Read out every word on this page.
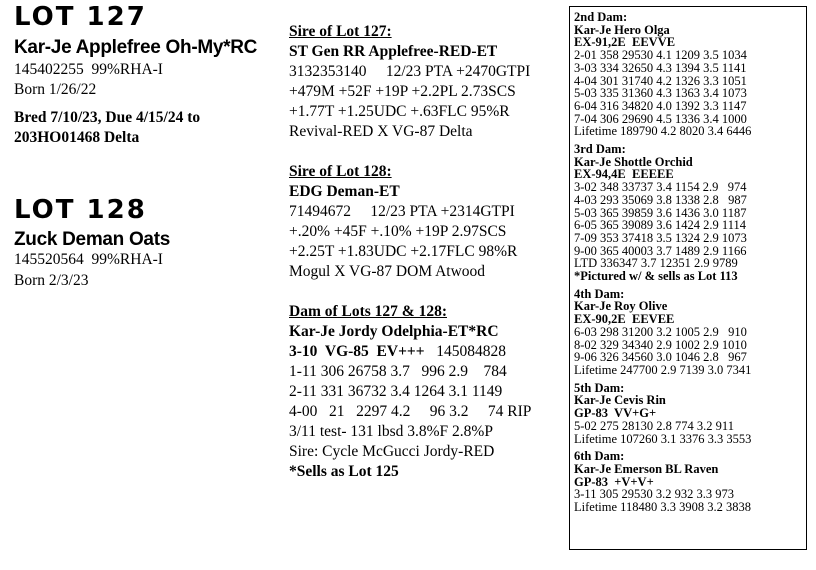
LOT 127
Kar-Je Applefree Oh-My*RC
145402255  99%RHA-I
Born 1/26/22
Bred 7/10/23, Due 4/15/24 to
203HO01468 Delta
LOT 128
Zuck Deman Oats
145520564  99%RHA-I
Born 2/3/23
Sire of Lot 127:
ST Gen RR Applefree-RED-ET
3132353140     12/23 PTA +2470GTPI
+479M +52F +19P +2.2PL 2.73SCS
+1.77T +1.25UDC +.63FLC 95%R
Revival-RED X VG-87 Delta
Sire of Lot 128:
EDG Deman-ET
71494672     12/23 PTA +2314GTPI
+.20% +45F +.10% +19P 2.97SCS
+2.25T +1.83UDC +2.17FLC 98%R
Mogul X VG-87 DOM Atwood
Dam of Lots 127 & 128:
Kar-Je Jordy Odelphia-ET*RC
3-10  VG-85  EV+++   145084828
1-11 306 26758 3.7   996 2.9    784
2-11 331 36732 3.4 1264 3.1 1149
4-00   21   2297 4.2     96 3.2     74 RIP
3/11 test- 131 lbsd 3.8%F 2.8%P
Sire: Cycle McGucci Jordy-RED
*Sells as Lot 125
2nd Dam:
Kar-Je Hero Olga
EX-91,2E  EEVVE
2-01 358 29530 4.1 1209 3.5 1034
3-03 334 32650 4.3 1394 3.5 1141
4-04 301 31740 4.2 1326 3.3 1051
5-03 335 31360 4.3 1363 3.4 1073
6-04 316 34820 4.0 1392 3.3 1147
7-04 306 29690 4.5 1336 3.4 1000
Lifetime 189790 4.2 8020 3.4 6446
3rd Dam:
Kar-Je Shottle Orchid
EX-94,4E  EEEEE
3-02 348 33737 3.4 1154 2.9   974
4-03 293 35069 3.8 1338 2.8   987
5-03 365 39859 3.6 1436 3.0 1187
6-05 365 39089 3.6 1424 2.9 1114
7-09 353 37418 3.5 1324 2.9 1073
9-00 365 40003 3.7 1489 2.9 1166
LTD 336347 3.7 12351 2.9 9789
*Pictured w/ & sells as Lot 113
4th Dam:
Kar-Je Roy Olive
EX-90,2E  EEVEE
6-03 298 31200 3.2 1005 2.9   910
8-02 329 34340 2.9 1002 2.9 1010
9-06 326 34560 3.0 1046 2.8   967
Lifetime 247700 2.9 7139 3.0 7341
5th Dam:
Kar-Je Cevis Rin
GP-83  VV+G+
5-02 275 28130 2.8 774 3.2 911
Lifetime 107260 3.1 3376 3.3 3553
6th Dam:
Kar-Je Emerson BL Raven
GP-83  +V+V+
3-11 305 29530 3.2 932 3.3 973
Lifetime 118480 3.3 3908 3.2 3838
